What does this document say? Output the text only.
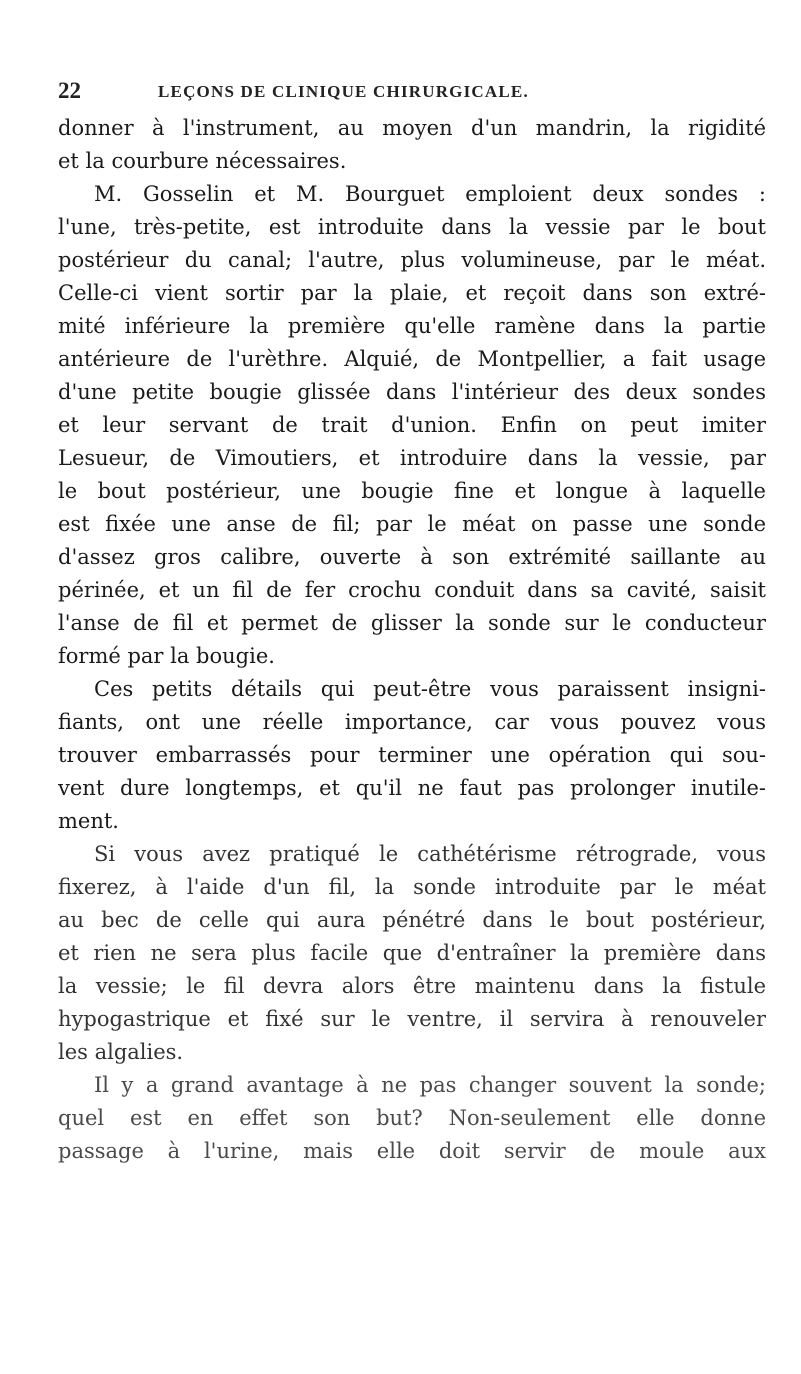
22	LEÇONS DE CLINIQUE CHIRURGICALE.
donner à l'instrument, au moyen d'un mandrin, la rigidité
et la courbure nécessaires.
M. Gosselin et M. Bourguet emploient deux sondes :
l'une, très-petite, est introduite dans la vessie par le bout
postérieur du canal; l'autre, plus volumineuse, par le méat.
Celle-ci vient sortir par la plaie, et reçoit dans son extré-
mité inférieure la première qu'elle ramène dans la partie
antérieure de l'urèthre. Alquié, de Montpellier, a fait usage
d'une petite bougie glissée dans l'intérieur des deux sondes
et leur servant de trait d'union. Enfin on peut imiter
Lesueur, de Vimoutiers, et introduire dans la vessie, par
le bout postérieur, une bougie fine et longue à laquelle
est fixée une anse de fil; par le méat on passe une sonde
d'assez gros calibre, ouverte à son extrémité saillante au
périnée, et un fil de fer crochu conduit dans sa cavité, saisit
l'anse de fil et permet de glisser la sonde sur le conducteur
formé par la bougie.
Ces petits détails qui peut-être vous paraissent insigni-
fiants, ont une réelle importance, car vous pouvez vous
trouver embarrassés pour terminer une opération qui sou-
vent dure longtemps, et qu'il ne faut pas prolonger inutile-
ment.
Si vous avez pratiqué le cathétérisme rétrograde, vous
fixerez, à l'aide d'un fil, la sonde introduite par le méat
au bec de celle qui aura pénétré dans le bout postérieur,
et rien ne sera plus facile que d'entraîner la première dans
la vessie; le fil devra alors être maintenu dans la fistule
hypogastrique et fixé sur le ventre, il servira à renouveler
les algalies.
Il y a grand avantage à ne pas changer souvent la sonde;
quel est en effet son but? Non-seulement elle donne
passage à l'urine, mais elle doit servir de moule aux
